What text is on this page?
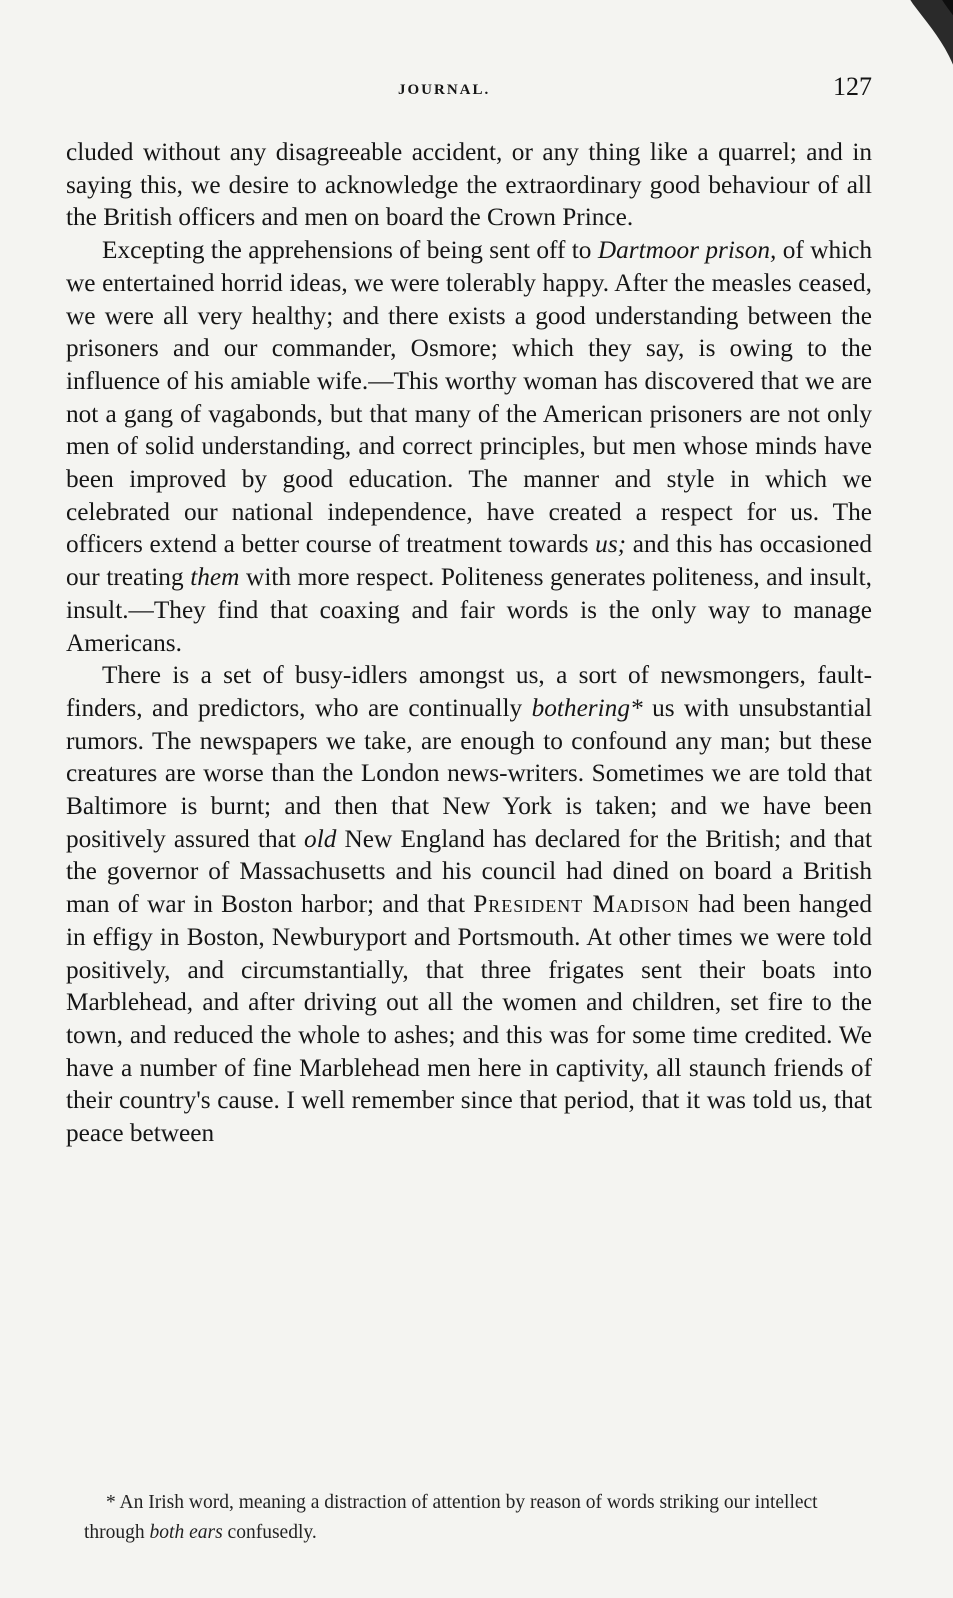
JOURNAL.	127

cluded without any disagreeable accident, or any thing like a quarrel; and in saying this, we desire to acknowledge the extraordinary good behaviour of all the British officers and men on board the Crown Prince.

Excepting the apprehensions of being sent off to Dartmoor prison, of which we entertained horrid ideas, we were tolerably happy. After the measles ceased, we were all very healthy; and there exists a good understanding between the prisoners and our commander, Osmore; which they say, is owing to the influence of his amiable wife.—This worthy woman has discovered that we are not a gang of vagabonds, but that many of the American prisoners are not only men of solid understanding, and correct principles, but men whose minds have been improved by good education. The manner and style in which we celebrated our national independence, have created a respect for us. The officers extend a better course of treatment towards us; and this has occasioned our treating them with more respect. Politeness generates politeness, and insult, insult.—They find that coaxing and fair words is the only way to manage Americans.

There is a set of busy-idlers amongst us, a sort of newsmongers, fault-finders, and predictors, who are continually bothering* us with unsubstantial rumors. The newspapers we take, are enough to confound any man; but these creatures are worse than the London news-writers. Sometimes we are told that Baltimore is burnt; and then that New York is taken; and we have been positively assured that old New England has declared for the British; and that the governor of Massachusetts and his council had dined on board a British man of war in Boston harbor; and that President Madison had been hanged in effigy in Boston, Newburyport and Portsmouth. At other times we were told positively, and circumstantially, that three frigates sent their boats into Marblehead, and after driving out all the women and children, set fire to the town, and reduced the whole to ashes; and this was for some time credited. We have a number of fine Marblehead men here in captivity, all staunch friends of their country's cause. I well remember since that period, that it was told us, that peace between

* An Irish word, meaning a distraction of attention by reason of words striking our intellect through both ears confusedly.
